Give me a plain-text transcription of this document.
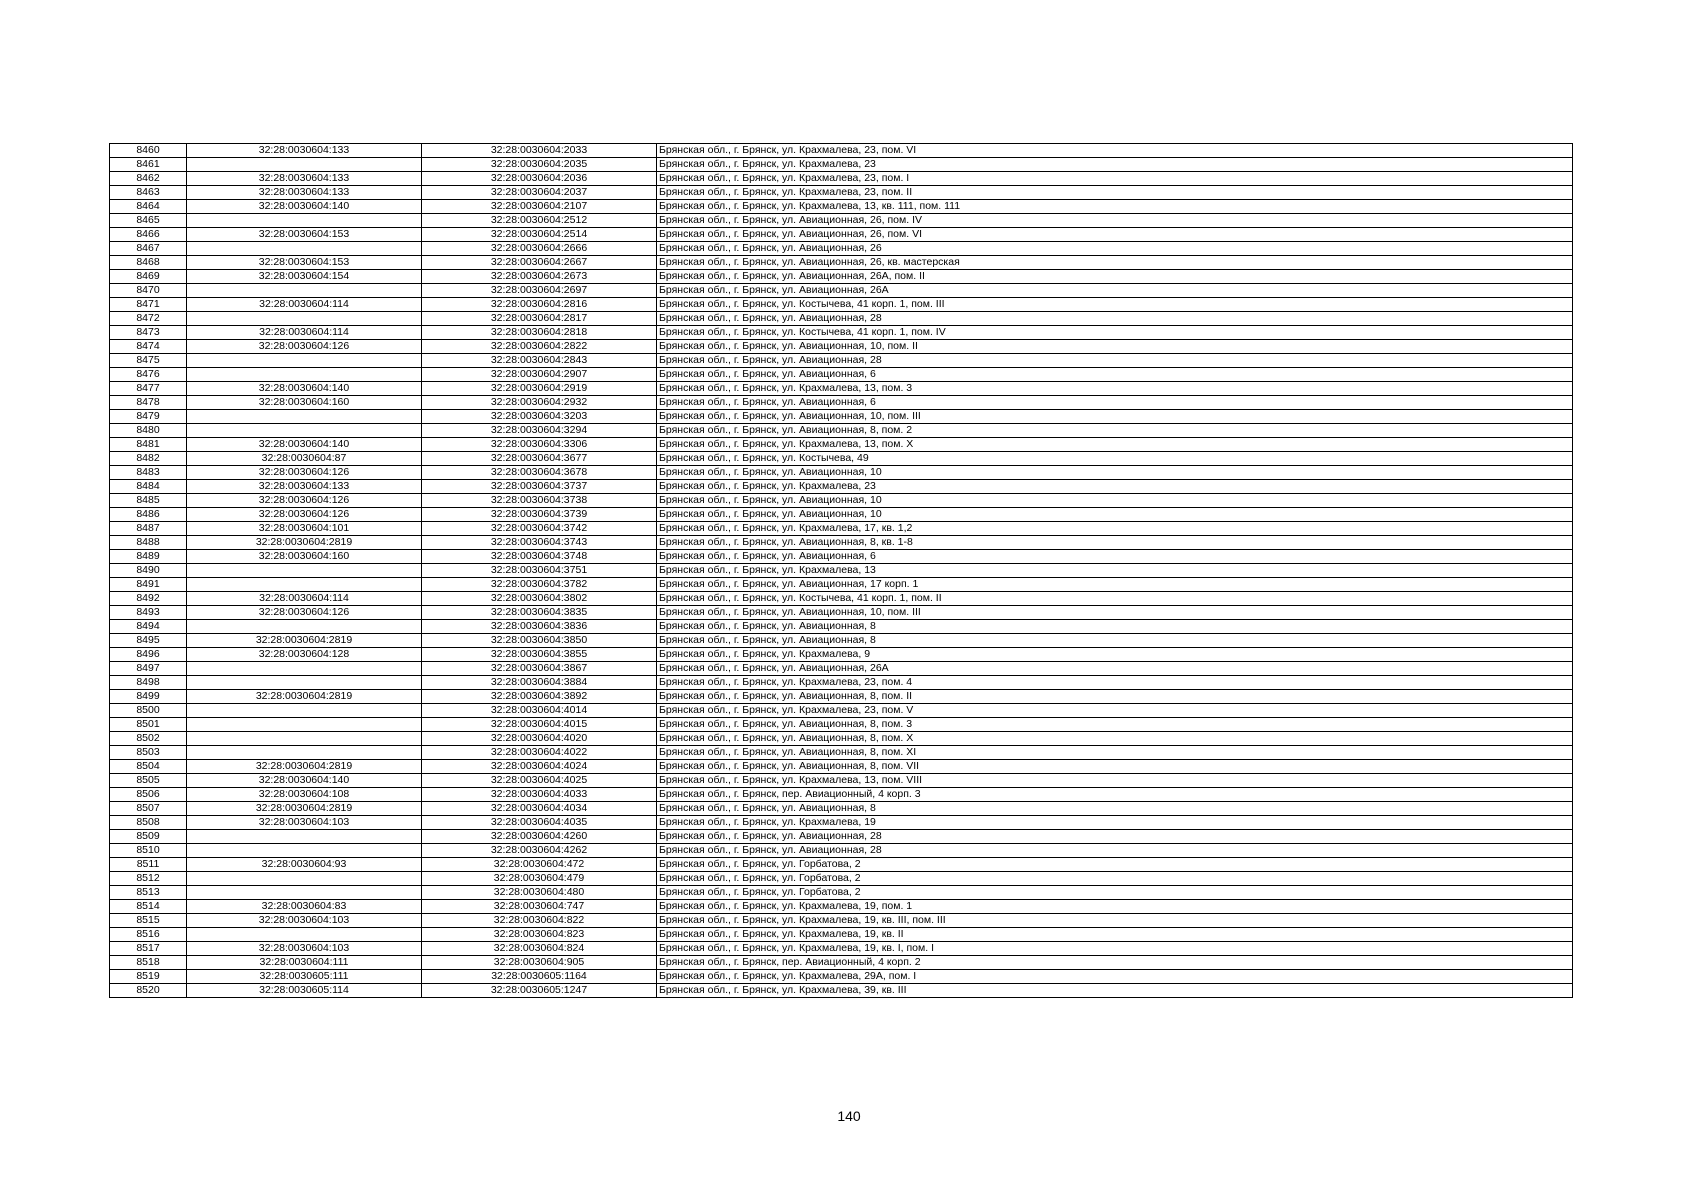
8460	32:28:0030604:133	32:28:0030604:2033	Брянская обл., г. Брянск, ул. Крахмалева, 23, пом. VI
8461		32:28:0030604:2035	Брянская обл., г. Брянск, ул. Крахмалева, 23
8462	32:28:0030604:133	32:28:0030604:2036	Брянская обл., г. Брянск, ул. Крахмалева, 23, пом. I
8463	32:28:0030604:133	32:28:0030604:2037	Брянская обл., г. Брянск, ул. Крахмалева, 23, пом. II
8464	32:28:0030604:140	32:28:0030604:2107	Брянская обл., г. Брянск, ул. Крахмалева, 13, кв. 111, пом. 111
8465		32:28:0030604:2512	Брянская обл., г. Брянск, ул. Авиационная, 26, пом. IV
8466	32:28:0030604:153	32:28:0030604:2514	Брянская обл., г. Брянск, ул. Авиационная, 26, пом. VI
8467		32:28:0030604:2666	Брянская обл., г. Брянск, ул. Авиационная, 26
8468	32:28:0030604:153	32:28:0030604:2667	Брянская обл., г. Брянск, ул. Авиационная, 26, кв. мастерская
8469	32:28:0030604:154	32:28:0030604:2673	Брянская обл., г. Брянск, ул. Авиационная, 26А, пом. II
8470		32:28:0030604:2697	Брянская обл., г. Брянск, ул. Авиационная, 26А
8471	32:28:0030604:114	32:28:0030604:2816	Брянская обл., г. Брянск, ул. Костычева, 41 корп. 1, пом. III
8472		32:28:0030604:2817	Брянская обл., г. Брянск, ул. Авиационная, 28
8473	32:28:0030604:114	32:28:0030604:2818	Брянская обл., г. Брянск, ул. Костычева, 41 корп. 1, пом. IV
8474	32:28:0030604:126	32:28:0030604:2822	Брянская обл., г. Брянск, ул. Авиационная, 10, пом. II
8475		32:28:0030604:2843	Брянская обл., г. Брянск, ул. Авиационная, 28
8476		32:28:0030604:2907	Брянская обл., г. Брянск, ул. Авиационная, 6
8477	32:28:0030604:140	32:28:0030604:2919	Брянская обл., г. Брянск, ул. Крахмалева, 13, пом. 3
8478	32:28:0030604:160	32:28:0030604:2932	Брянская обл., г. Брянск, ул. Авиационная, 6
8479		32:28:0030604:3203	Брянская обл., г. Брянск, ул. Авиационная, 10, пом. III
8480		32:28:0030604:3294	Брянская обл., г. Брянск, ул. Авиационная, 8, пом. 2
8481	32:28:0030604:140	32:28:0030604:3306	Брянская обл., г. Брянск, ул. Крахмалева, 13, пом. X
8482	32:28:0030604:87	32:28:0030604:3677	Брянская обл., г. Брянск, ул. Костычева, 49
8483	32:28:0030604:126	32:28:0030604:3678	Брянская обл., г. Брянск, ул. Авиационная, 10
8484	32:28:0030604:133	32:28:0030604:3737	Брянская обл., г. Брянск, ул. Крахмалева, 23
8485	32:28:0030604:126	32:28:0030604:3738	Брянская обл., г. Брянск, ул. Авиационная, 10
8486	32:28:0030604:126	32:28:0030604:3739	Брянская обл., г. Брянск, ул. Авиационная, 10
8487	32:28:0030604:101	32:28:0030604:3742	Брянская обл., г. Брянск, ул. Крахмалева, 17, кв. 1,2
8488	32:28:0030604:2819	32:28:0030604:3743	Брянская обл., г. Брянск, ул. Авиационная, 8, кв. 1-8
8489	32:28:0030604:160	32:28:0030604:3748	Брянская обл., г. Брянск, ул. Авиационная, 6
8490		32:28:0030604:3751	Брянская обл., г. Брянск, ул. Крахмалева, 13
8491		32:28:0030604:3782	Брянская обл., г. Брянск, ул. Авиационная, 17 корп. 1
8492	32:28:0030604:114	32:28:0030604:3802	Брянская обл., г. Брянск, ул. Костычева, 41 корп. 1, пом. II
8493	32:28:0030604:126	32:28:0030604:3835	Брянская обл., г. Брянск, ул. Авиационная, 10, пом. III
8494		32:28:0030604:3836	Брянская обл., г. Брянск, ул. Авиационная, 8
8495	32:28:0030604:2819	32:28:0030604:3850	Брянская обл., г. Брянск, ул. Авиационная, 8
8496	32:28:0030604:128	32:28:0030604:3855	Брянская обл., г. Брянск, ул. Крахмалева, 9
8497		32:28:0030604:3867	Брянская обл., г. Брянск, ул. Авиационная, 26А
8498		32:28:0030604:3884	Брянская обл., г. Брянск, ул. Крахмалева, 23, пом. 4
8499	32:28:0030604:2819	32:28:0030604:3892	Брянская обл., г. Брянск, ул. Авиационная, 8, пом. II
8500		32:28:0030604:4014	Брянская обл., г. Брянск, ул. Крахмалева, 23, пом. V
8501		32:28:0030604:4015	Брянская обл., г. Брянск, ул. Авиационная, 8, пом. 3
8502		32:28:0030604:4020	Брянская обл., г. Брянск, ул. Авиационная, 8, пом. X
8503		32:28:0030604:4022	Брянская обл., г. Брянск, ул. Авиационная, 8, пом. XI
8504	32:28:0030604:2819	32:28:0030604:4024	Брянская обл., г. Брянск, ул. Авиационная, 8, пом. VII
8505	32:28:0030604:140	32:28:0030604:4025	Брянская обл., г. Брянск, ул. Крахмалева, 13, пом. VIII
8506	32:28:0030604:108	32:28:0030604:4033	Брянская обл., г. Брянск, пер. Авиационный, 4 корп. 3
8507	32:28:0030604:2819	32:28:0030604:4034	Брянская обл., г. Брянск, ул. Авиационная, 8
8508	32:28:0030604:103	32:28:0030604:4035	Брянская обл., г. Брянск, ул. Крахмалева, 19
8509		32:28:0030604:4260	Брянская обл., г. Брянск, ул. Авиационная, 28
8510		32:28:0030604:4262	Брянская обл., г. Брянск, ул. Авиационная, 28
8511	32:28:0030604:93	32:28:0030604:472	Брянская обл., г. Брянск, ул. Горбатова, 2
8512		32:28:0030604:479	Брянская обл., г. Брянск, ул. Горбатова, 2
8513		32:28:0030604:480	Брянская обл., г. Брянск, ул. Горбатова, 2
8514	32:28:0030604:83	32:28:0030604:747	Брянская обл., г. Брянск, ул. Крахмалева, 19, пом. 1
8515	32:28:0030604:103	32:28:0030604:822	Брянская обл., г. Брянск, ул. Крахмалева, 19, кв. III, пом. III
8516		32:28:0030604:823	Брянская обл., г. Брянск, ул. Крахмалева, 19, кв. II
8517	32:28:0030604:103	32:28:0030604:824	Брянская обл., г. Брянск, ул. Крахмалева, 19, кв. I, пом. I
8518	32:28:0030604:111	32:28:0030604:905	Брянская обл., г. Брянск, пер. Авиационный, 4 корп. 2
8519	32:28:0030605:111	32:28:0030605:1164	Брянская обл., г. Брянск, ул. Крахмалева, 29А, пом. I
8520	32:28:0030605:114	32:28:0030605:1247	Брянская обл., г. Брянск, ул. Крахмалева, 39, кв. III
140
